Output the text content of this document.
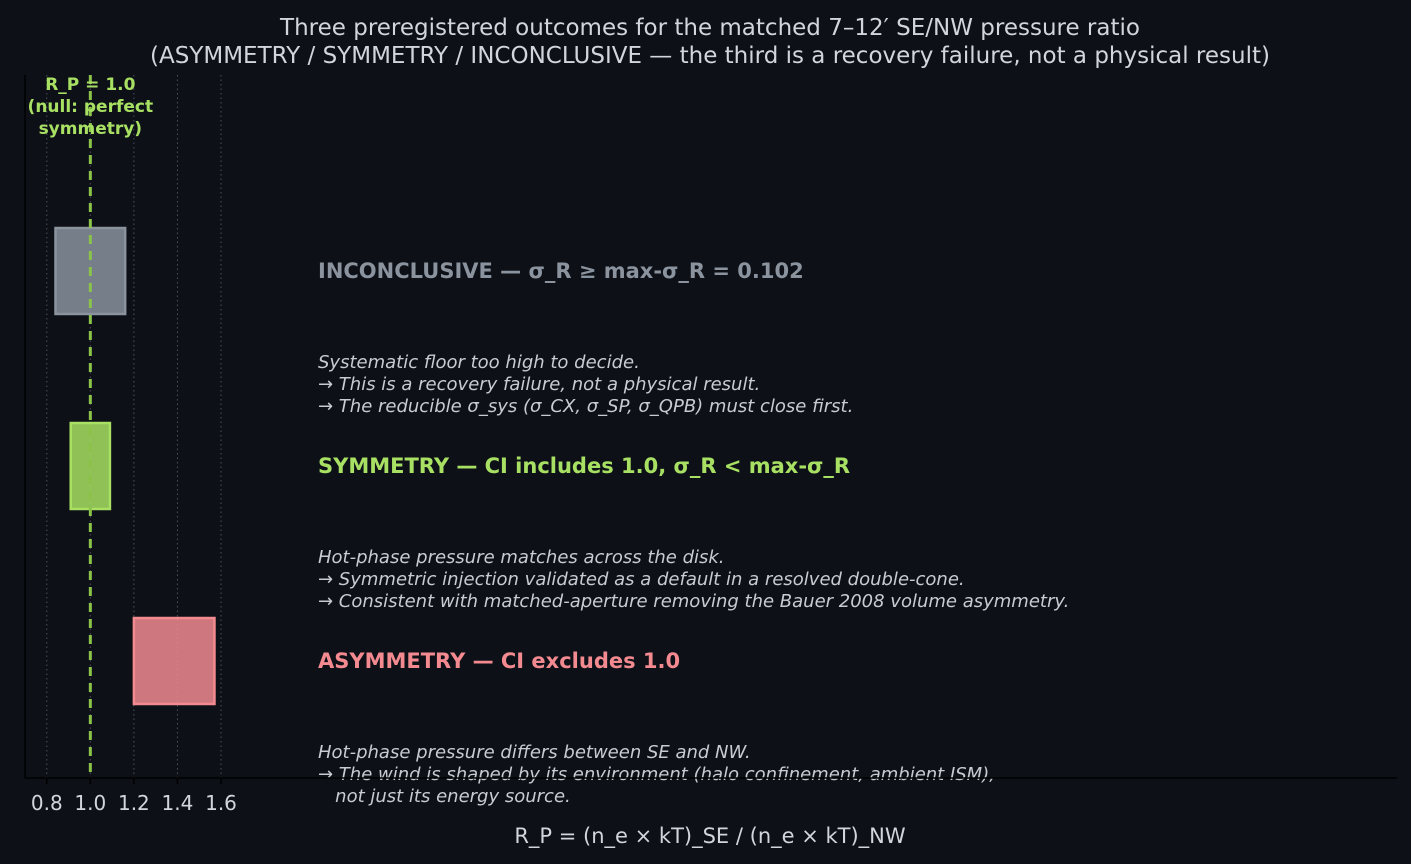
Three preregistered outcomes for the matched 7–12′ SE/NW pressure ratio
(ASYMMETRY / SYMMETRY / INCONCLUSIVE — the third is a recovery failure, not a physical result)
R_P = 1.0
(null: perfect
symmetry)
INCONCLUSIVE — σ_R ≥ max-σ_R = 0.102
Systematic floor too high to decide.
→ This is a recovery failure, not a physical result.
→ The reducible σ_sys (σ_CX, σ_SP, σ_QPB) must close first.
SYMMETRY — CI includes 1.0, σ_R < max-σ_R
Hot-phase pressure matches across the disk.
→ Symmetric injection validated as a default in a resolved double-cone.
→ Consistent with matched-aperture removing the Bauer 2008 volume asymmetry.
ASYMMETRY — CI excludes 1.0
Hot-phase pressure differs between SE and NW.
→ The wind is shaped by its environment (halo confinement, ambient ISM),
not just its energy source.
0.8 1.0 1.2 1.4 1.6
R_P = (n_e × kT)_SE / (n_e × kT)_NW
